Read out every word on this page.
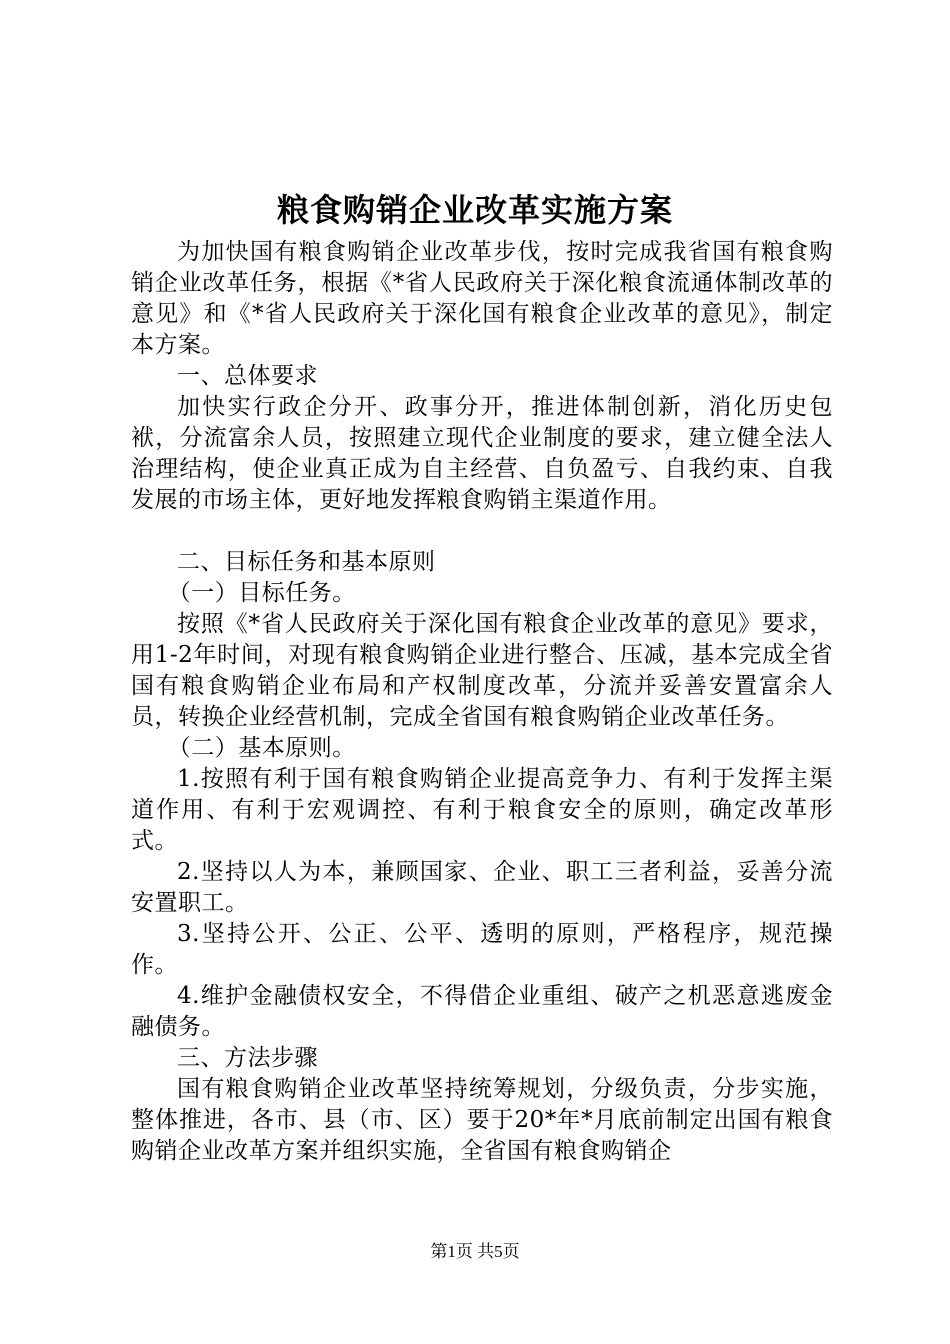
粮食购销企业改革实施方案

为加快国有粮食购销企业改革步伐，按时完成我省国有粮食购销企业改革任务，根据《*省人民政府关于深化粮食流通体制改革的意见》和《*省人民政府关于深化国有粮食企业改革的意见》，制定本方案。

一、总体要求

加快实行政企分开、政事分开，推进体制创新，消化历史包袱，分流富余人员，按照建立现代企业制度的要求，建立健全法人治理结构，使企业真正成为自主经营、自负盈亏、自我约束、自我发展的市场主体，更好地发挥粮食购销主渠道作用。

二、目标任务和基本原则

（一）目标任务。

按照《*省人民政府关于深化国有粮食企业改革的意见》要求，用1-2年时间，对现有粮食购销企业进行整合、压减，基本完成全省国有粮食购销企业布局和产权制度改革，分流并妥善安置富余人员，转换企业经营机制，完成全省国有粮食购销企业改革任务。

（二）基本原则。

1.按照有利于国有粮食购销企业提高竞争力、有利于发挥主渠道作用、有利于宏观调控、有利于粮食安全的原则，确定改革形式。

2.坚持以人为本，兼顾国家、企业、职工三者利益，妥善分流安置职工。

3.坚持公开、公正、公平、透明的原则，严格程序，规范操作。

4.维护金融债权安全，不得借企业重组、破产之机恶意逃废金融债务。

三、方法步骤

国有粮食购销企业改革坚持统筹规划，分级负责，分步实施，整体推进，各市、县（市、区）要于20*年*月底前制定出国有粮食购销企业改革方案并组织实施，全省国有粮食购销企

第1页 共5页
